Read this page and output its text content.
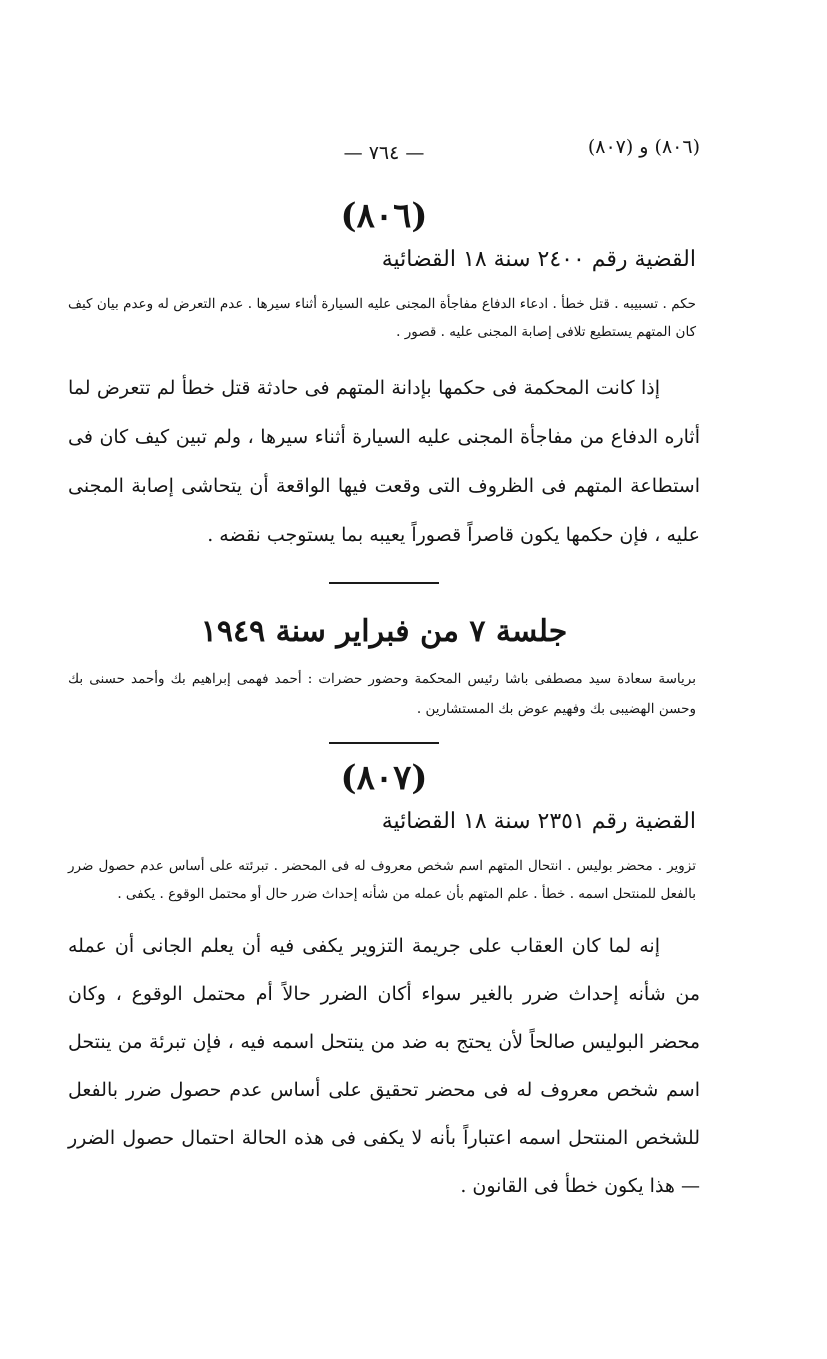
(٨٠٦) و (٨٠٧)
— ٧٦٤ —
(٨٠٦)
القضية رقم ٢٤٠٠ سنة ١٨ القضائية
حكم . تسبيبه . قتل خطأ . ادعاء الدفاع مفاجأة المجنى عليه السيارة أثناء سيرها . عدم التعرض له وعدم بيان كيف كان المتهم يستطيع تلافى إصابة المجنى عليه . قصور .

إذا كانت المحكمة فى حكمها بإدانة المتهم فى حادثة قتل خطأ لم تتعرض لما أثاره الدفاع من مفاجأة المجنى عليه السيارة أثناء سيرها ، ولم تبين كيف كان فى استطاعة المتهم فى الظروف التى وقعت فيها الواقعة أن يتحاشى إصابة المجنى عليه ، فإن حكمها يكون قاصراً قصوراً يعيبه بما يستوجب نقضه .

جلسة ٧ من فبراير سنة ١٩٤٩
برياسة سعادة سيد مصطفى باشا رئيس المحكمة وحضور حضرات : أحمد فهمى إبراهيم بك وأحمد حسنى بك وحسن الهضيبى بك وفهيم عوض بك المستشارين .
(٨٠٧)
القضية رقم ٢٣٥١ سنة ١٨ القضائية
تزوير . محضر بوليس . انتحال المتهم اسم شخص معروف له فى المحضر . تبرئته على أساس عدم حصول ضرر بالفعل للمنتحل اسمه . خطأ . علم المتهم بأن عمله من شأنه إحداث ضرر حال أو محتمل الوقوع . يكفى .

إنه لما كان العقاب على جريمة التزوير يكفى فيه أن يعلم الجانى أن عمله من شأنه إحداث ضرر بالغير سواء أكان الضرر حالاً أم محتمل الوقوع ، وكان محضر البوليس صالحاً لأن يحتج به ضد من ينتحل اسمه فيه ، فإن تبرئة من ينتحل اسم شخص معروف له فى محضر تحقيق على أساس عدم حصول ضرر بالفعل للشخص المنتحل اسمه اعتباراً بأنه لا يكفى فى هذه الحالة احتمال حصول الضرر — هذا يكون خطأ فى القانون .
